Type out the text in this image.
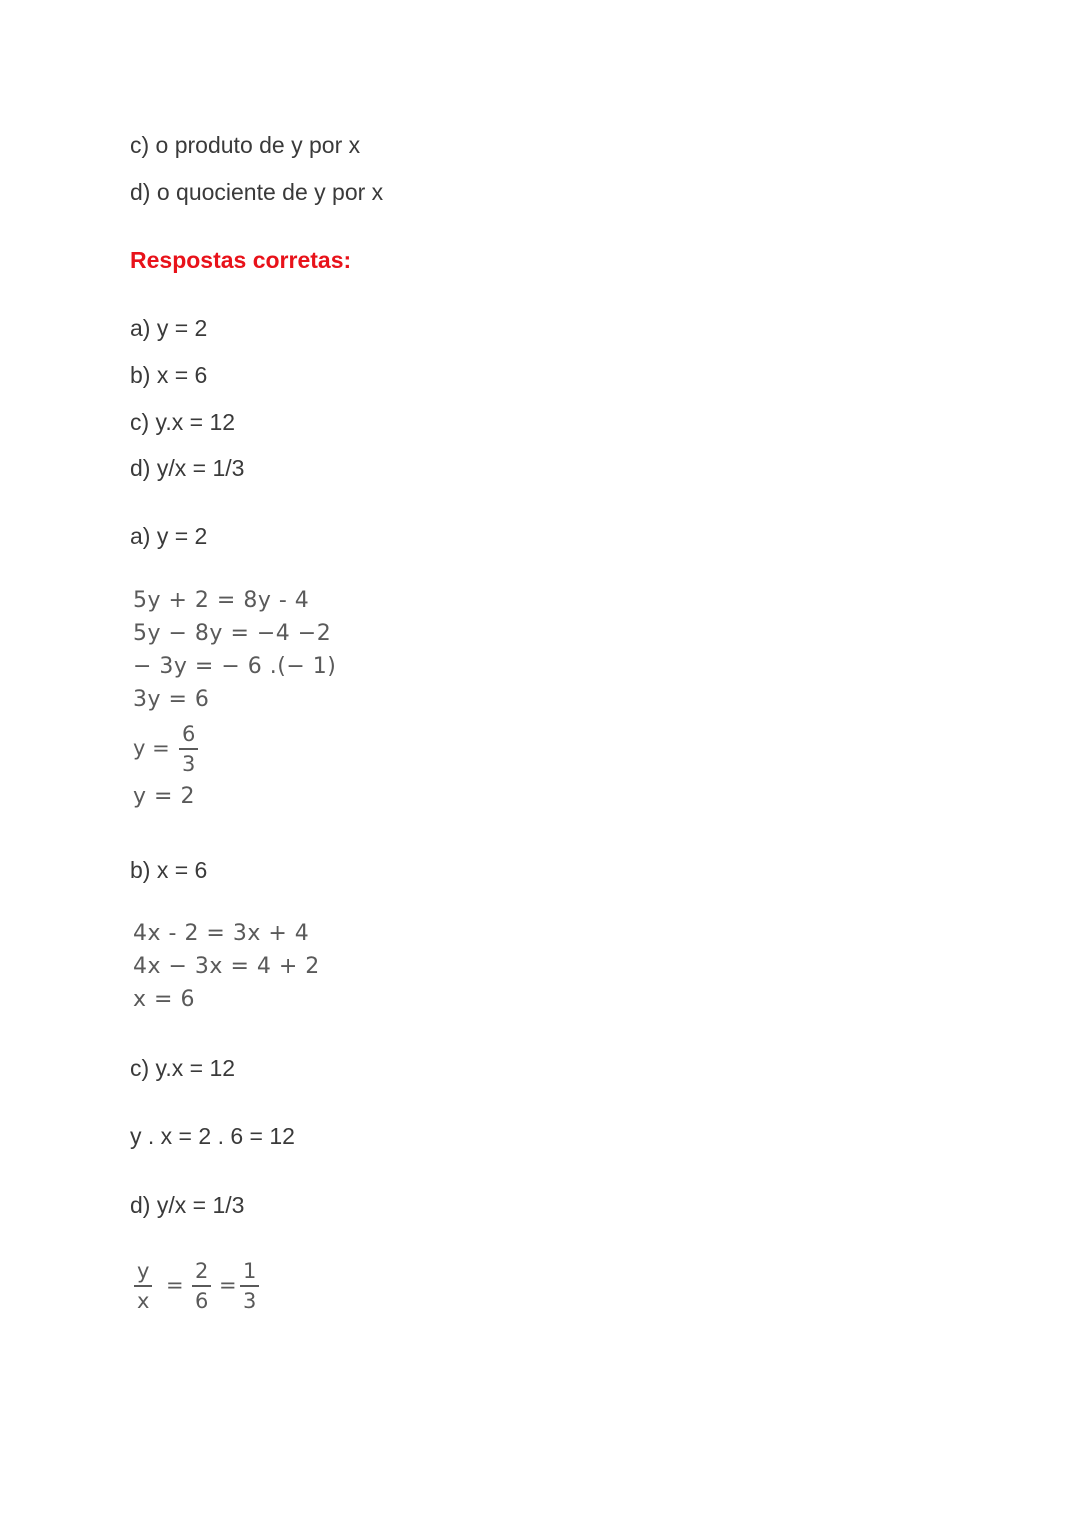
c) o produto de y por x
d) o quociente de y por x
Respostas corretas:
a) y = 2
b) x = 6
c) y.x = 12
d) y/x = 1/3
a) y = 2
5y + 2 = 8y - 4
5y − 8y = −4 −2
− 3y = − 6 .(− 1)
3y = 6
y =
6
3
y = 2
b) x = 6
4x - 2 = 3x + 4
4x − 3x = 4 + 2
x = 6
c) y.x = 12
y . x = 2 . 6 = 12
d) y/x = 1/3
y
x
=
2
6
=
1
3
